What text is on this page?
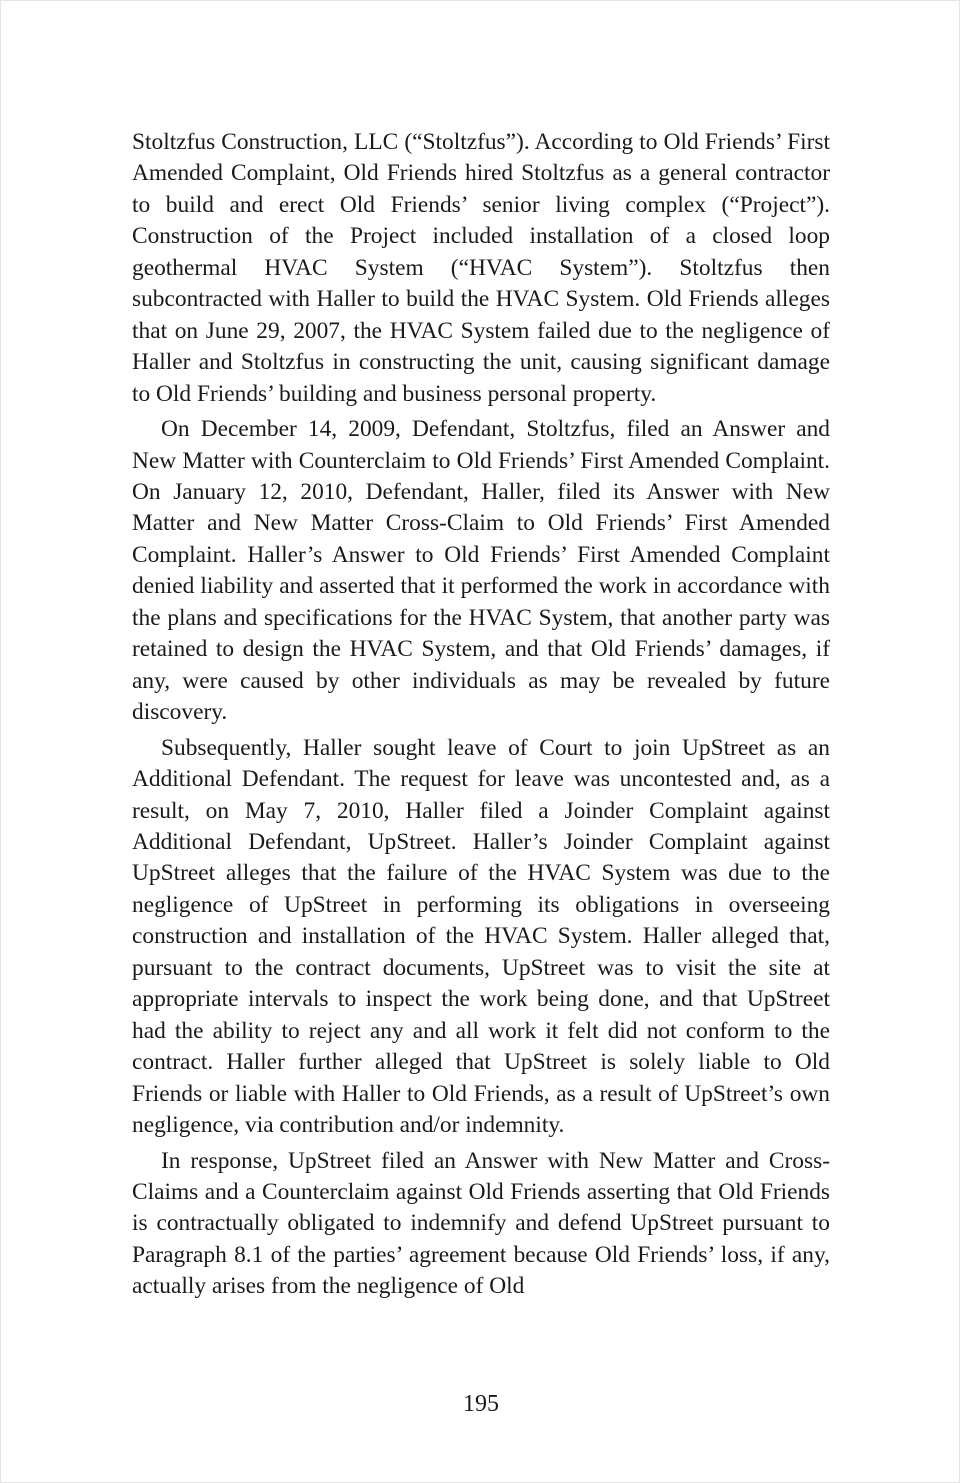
Stoltzfus Construction, LLC (“Stoltzfus”). According to Old Friends’ First Amended Complaint, Old Friends hired Stoltzfus as a general contractor to build and erect Old Friends’ senior living complex (“Project”). Construction of the Project included installation of a closed loop geothermal HVAC System (“HVAC System”). Stoltzfus then subcontracted with Haller to build the HVAC System. Old Friends alleges that on June 29, 2007, the HVAC System failed due to the negligence of Haller and Stoltzfus in constructing the unit, causing significant damage to Old Friends’ building and business personal property.

On December 14, 2009, Defendant, Stoltzfus, filed an Answer and New Matter with Counterclaim to Old Friends’ First Amended Complaint. On January 12, 2010, Defendant, Haller, filed its Answer with New Matter and New Matter Cross-Claim to Old Friends’ First Amended Complaint. Haller’s Answer to Old Friends’ First Amended Complaint denied liability and asserted that it performed the work in accordance with the plans and specifications for the HVAC System, that another party was retained to design the HVAC System, and that Old Friends’ damages, if any, were caused by other individuals as may be revealed by future discovery.

Subsequently, Haller sought leave of Court to join UpStreet as an Additional Defendant. The request for leave was uncontested and, as a result, on May 7, 2010, Haller filed a Joinder Complaint against Additional Defendant, UpStreet. Haller’s Joinder Complaint against UpStreet alleges that the failure of the HVAC System was due to the negligence of UpStreet in performing its obligations in overseeing construction and installation of the HVAC System. Haller alleged that, pursuant to the contract documents, UpStreet was to visit the site at appropriate intervals to inspect the work being done, and that UpStreet had the ability to reject any and all work it felt did not conform to the contract. Haller further alleged that UpStreet is solely liable to Old Friends or liable with Haller to Old Friends, as a result of UpStreet’s own negligence, via contribution and/or indemnity.

In response, UpStreet filed an Answer with New Matter and Cross-Claims and a Counterclaim against Old Friends asserting that Old Friends is contractually obligated to indemnify and defend UpStreet pursuant to Paragraph 8.1 of the parties’ agreement because Old Friends’ loss, if any, actually arises from the negligence of Old

195
